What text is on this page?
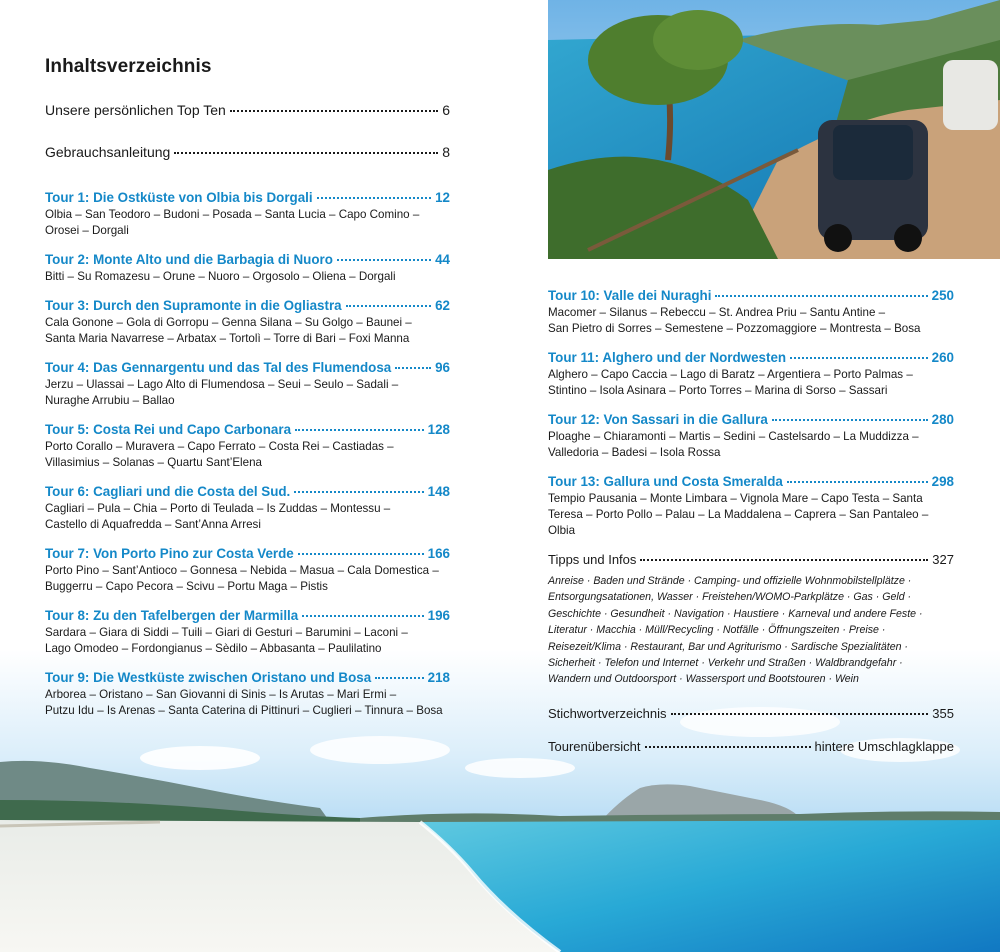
Inhaltsverzeichnis
Unsere persönlichen Top Ten	6
Gebrauchsanleitung	8
Tour 1: Die Ostküste von Olbia bis Dorgali	12
Olbia – San Teodoro – Budoni – Posada – Santa Lucia – Capo Comino –
Orosei – Dorgali
Tour 2: Monte Alto und die Barbagia di Nuoro	44
Bitti – Su Romazesu – Orune – Nuoro – Orgosolo – Oliena – Dorgali
Tour 3: Durch den Supramonte in die Ogliastra	62
Cala Gonone – Gola di Gorropu – Genna Silana – Su Golgo – Baunei –
Santa Maria Navarrese – Arbatax – Tortolì – Torre di Bari – Foxi Manna
Tour 4: Das Gennargentu und das Tal des Flumendosa	96
Jerzu – Ulassai – Lago Alto di Flumendosa – Seui – Seulo – Sadali –
Nuraghe Arrubiu – Ballao
Tour 5: Costa Rei und Capo Carbonara	128
Porto Corallo – Muravera – Capo Ferrato – Costa Rei – Castiadas –
Villasimius – Solanas – Quartu Sant’Elena
Tour 6: Cagliari und die Costa del Sud.	148
Cagliari – Pula – Chia – Porto di Teulada – Is Zuddas – Montessu –
Castello di Aquafredda – Sant’Anna Arresi
Tour 7: Von Porto Pino zur Costa Verde	166
Porto Pino – Sant’Antioco – Gonnesa – Nebida – Masua – Cala Domestica –
Buggerru – Capo Pecora – Scivu – Portu Maga – Pistis
Tour 8: Zu den Tafelbergen der Marmilla	196
Sardara – Giara di Siddi – Tuili – Giari di Gesturi – Barumini – Laconi –
Lago Omodeo – Fordongianus – Sèdilo – Abbasanta – Paulilatino
Tour 9: Die Westküste zwischen Oristano und Bosa	218
Arborea – Oristano – San Giovanni di Sinis – Is Arutas – Mari Ermi –
Putzu Idu – Is Arenas – Santa Caterina di Pittinuri – Cuglieri – Tinnura – Bosa
Tour 10: Valle dei Nuraghi	250
Macomer – Silanus – Rebeccu – St. Andrea Priu – Santu Antine –
San Pietro di Sorres – Semestene – Pozzomaggiore – Montresta – Bosa
Tour 11: Alghero und der Nordwesten	260
Alghero – Capo Caccia – Lago di Baratz – Argentiera – Porto Palmas –
Stintino – Isola Asinara – Porto Torres – Marina di Sorso – Sassari
Tour 12: Von Sassari in die Gallura	280
Ploaghe – Chiaramonti – Martis – Sedini – Castelsardo – La Muddizza –
Valledoria – Badesi – Isola Rossa
Tour 13: Gallura und Costa Smeralda	298
Tempio Pausania – Monte Limbara – Vignola Mare – Capo Testa – Santa
Teresa – Porto Pollo – Palau – La Maddalena – Caprera – San Pantaleo – Olbia
Tipps und Infos	327
Anreise · Baden und Strände · Camping- und offizielle Wohnmobilstellplätze ·
Entsorgungsatationen, Wasser · Freistehen/WOMO-Parkplätze · Gas · Geld ·
Geschichte · Gesundheit · Navigation · Haustiere · Karneval und andere Feste ·
Literatur · Macchia · Müll/Recycling · Notfälle · Öffnungszeiten · Preise ·
Reisezeit/Klima · Restaurant, Bar und Agriturismo · Sardische Spezialitäten ·
Sicherheit · Telefon und Internet · Verkehr und Straßen · Waldbrandgefahr ·
Wandern und Outdoorsport · Wassersport und Bootstouren · Wein
Stichwortverzeichnis	355
Tourenübersicht	hintere Umschlagklappe
